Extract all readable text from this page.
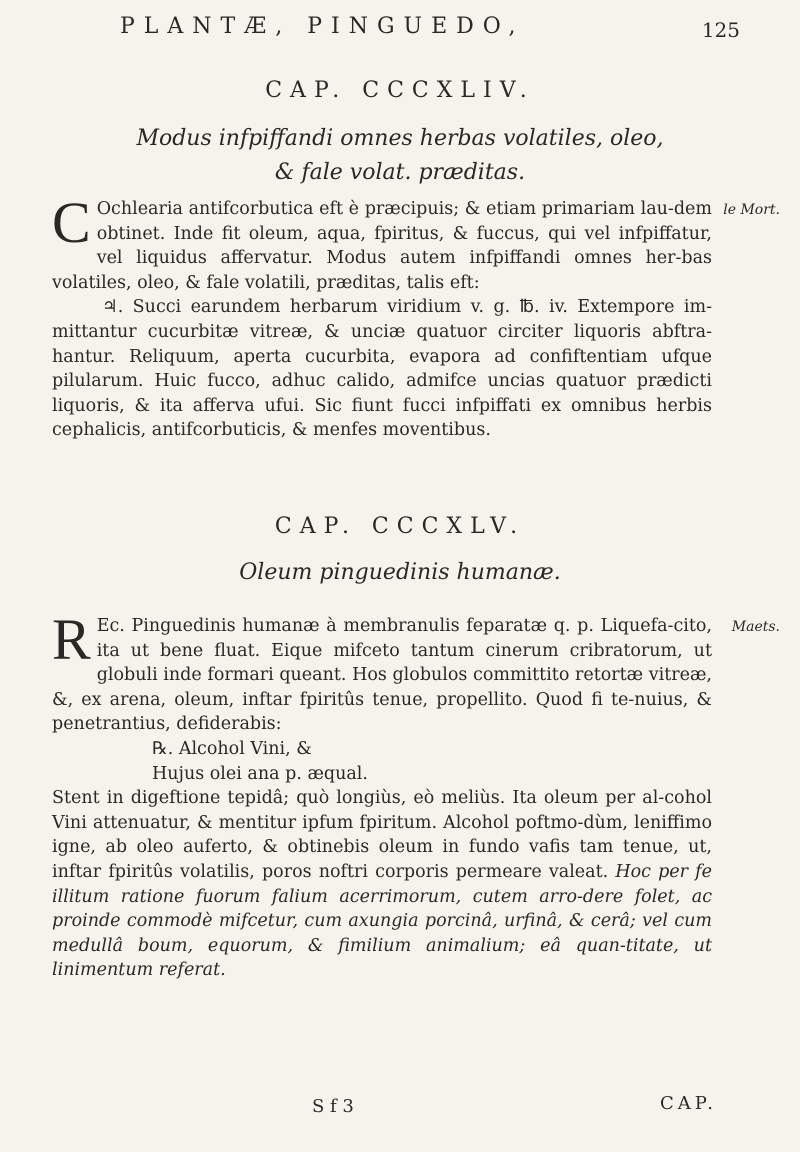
PLANTÆ, PINGUEDO,	125
CAP. CCCXLIV.
Modus infpiffandi omnes herbas volatiles, oleo,
& fale volat. præditas.
le Mort.

C Ochlearia antifcorbutica eft è præcipuis; & etiam primariam lau-dem obtinet. Inde fit oleum, aqua, fpiritus, & fuccus, qui vel infpiffatur, vel liquidus affervatur. Modus autem infpiffandi omnes her-bas volatiles, oleo, & fale volatili, præditas, talis eft:

♃. Succi earundem herbarum viridium v. g. ℔. iv. Extempore im-mittantur cucurbitæ vitreæ, & unciæ quatuor circiter liquoris abftra-hantur. Reliquum, aperta cucurbita, evapora ad confiftentiam ufque pilularum. Huic fucco, adhuc calido, admifce uncias quatuor prædicti liquoris, & ita afferva ufui. Sic fiunt fucci infpiffati ex omnibus herbis cephalicis, antifcorbuticis, & menfes moventibus.

CAP. CCCXLV.
Oleum pinguedinis humanæ.
Maets.

R Ec. Pinguedinis humanæ à membranulis feparatæ q. p. Liquefa-cito, ita ut bene fluat. Eique mifceto tantum cinerum cribratorum, ut globuli inde formari queant. Hos globulos committito retortæ vitreæ, &, ex arena, oleum, inftar fpiritûs tenue, propellito. Quod fi te-nuius, & penetrantius, defiderabis:

℞. Alcohol Vini, &

Hujus olei ana p. æqual.

Stent in digeftione tepidâ; quò longiùs, eò meliùs. Ita oleum per al-cohol Vini attenuatur, & mentitur ipfum fpiritum. Alcohol poftmo-dùm, leniffimo igne, ab oleo auferto, & obtinebis oleum in fundo vafis tam tenue, ut, inftar fpiritûs volatilis, poros noftri corporis permeare valeat. Hoc per fe illitum ratione fuorum falium acerrimorum, cutem arro-dere folet, ac proinde commodè mifcetur, cum axungia porcinâ, urfinâ, & cerâ; vel cum medullâ boum, equorum, & fimilium animalium; eâ quan-titate, ut linimentum referat.

S f 3	CAP.
